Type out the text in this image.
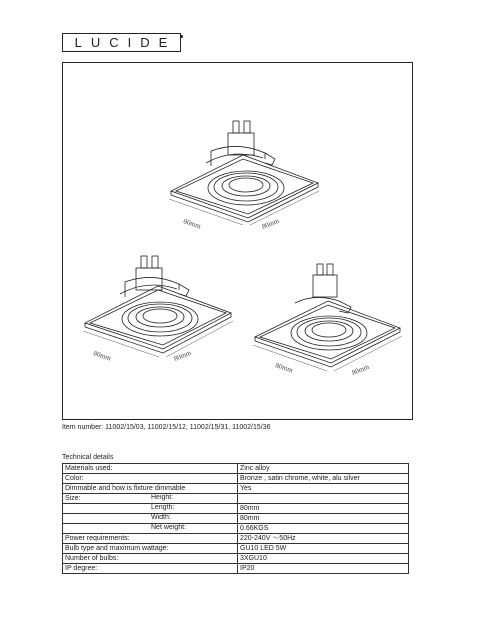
LUCIDE
80mm	80mm
80mm	80mm
80mm	80mm
Item number: 11002/15/03, 11002/15/12, 11002/15/31, 11002/15/36
Technical details
Materials used:	Zinc alloy
Color:	Bronze , satin chrome, white, alu silver
Dimmable and how is fixture dimmable	Yes
Size: Height:	

Length:	80mm

Width:	80mm

Net weight:	0.66KGS
Power requirements:	220-240V ～50Hz
Bulb type and maximum wattage:	GU10 LED 5W
Number of bulbs:	3XGU10
IP degree:	IP20
